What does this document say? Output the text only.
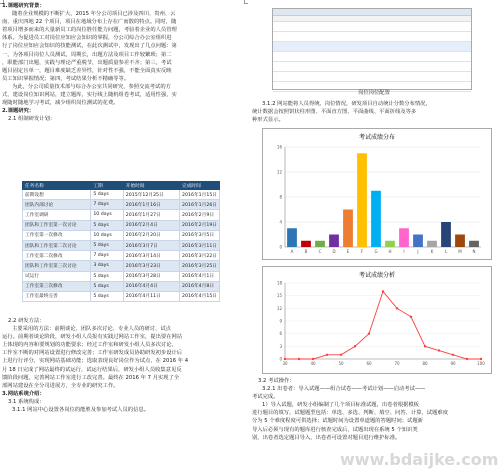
1.课题研究背景：

随着企业规模的不断扩大，2015 年分公司项目已涉及四川、贵州、云

南、重庆四地 22 个项目，项目在地域分布上存在广而散的特点。同时，随

着项目增多而来的大量新员工的岗位胜任能力问题，考验着企业的人员管理

体系。为促进员工对岗位应知应会知识的掌握，分公司综合办公室组织进

行了岗位应知应会知识的技能测试，在此次测试中，发现出了几点问题：第

一，为各项目岗位人员测试，周期长，出题方法及项目工作较繁琐；第二

，职能部门出题，实践与理论严重脱节，出题质量参差不齐；第三，考试

题目固定且单一，题目难度缺乏差异性，针对性不强，不能全面真实反映

员工知识掌握情况；第四，考试结果分析不精确等等。

为此，分公司质量技术部与综合办公室共同研究，参照交流考试的方

式，建设岗位知识网站，建立题库，实行线上随机组卷考试，适用性强，实

现随时随地学习考试，减少组织岗位测试的花费。

2.课题研究：

2.1 组制研发计划：

任务名称	工期	开始时间	完成时间
前期设想	5 days	2015年12月25日	2016年1月15日
团队内部讨论	7 days	2016年1月16日	2016年1月26日
工作室调研	10 days	2016年1月27日	2016年2月9日
团队和工作室第一次讨论	5 days	2016年2月4日	2016年2月19日
工作室第一次修改	10 days	2016年2月20日	2016年3月5日
团队和工作室第二次讨论	5 days	2016年3月7日	2016年3月11日
工作室第二次修改	7 days	2016年3月14日	2016年3月22日
团队和工作室第三次讨论	3 days	2016年3月23日	2016年3月25日
试运行	5 days	2016年3月28日	2016年4月1日
工作室第三次修改	5 days	2016年4月4日	2016年4月8日
工作室最终完善	5 days	2016年4月11日	2016年4月15日

2.2 研发方法：

主要采用的方法：前期谈论、团队多次讨论、专业人员的研讨、试点

运行。前期者谈论阶段，研发小组人员报有实践过网站工作室，提出要在网站

上体现的内容和要规划的功能要求；经过工作室和研发小组人员多次讨论，

工作室不断的对网站设置进行修改完善；工作室研发成员协助研发初步设计后

上进行行评分，实现网站基础功能；选取表现良好岗位作为试点，在 2016 年 4

月 18 日完成了网站最终的试运行，试运行结果后，研发小组人员收集意见反

馈阶段问题，完善网站工作室进行工改完善。最终在 2016 年 7 月实现了全

部网站建设在全分司进展方，全专业的研究工作。

3.网站系统介绍：

3.1 系统构成：

3.1.1 网站中心设置各岗位的能胜及参加考试人员的信息。

岗位岗位配置

3.1.2 网站能将人员得统、岗位情况，研发项目自动统计分数分布情况，

统计数据会按照饼状柱形图、平面直方图、平面曲线、平面折线及等多

种形式显示。

考试成绩分布
0
4
8
12
16
A	B	C	D	E	F	G	H	I	J	K	L	M	N
考试成绩分析
0
3
6
9
12
15
18
30	40	50	60	70	80	90	100

3.2 考试操作：

3.2.1 出卷者：导入试题——组合试卷——考试计划——启动考试——

考试完成。

1）导入试题，研发小组编制了几个项目标准试题，出卷者根据模板

进行题目的填写，试题题型包括：单选、多选、判断、填空、问答、计算，试题难度

分为 5 个难度程度可供选择；试题时间为设置单道题的答题时间；试题新

导入后必须与现有的题库进行核查完成后，试题出现在系统 5 个知识类

别，出卷者选定题目导入，出卷者可设置对题目进行维护标准。

www.bdaijke.com
